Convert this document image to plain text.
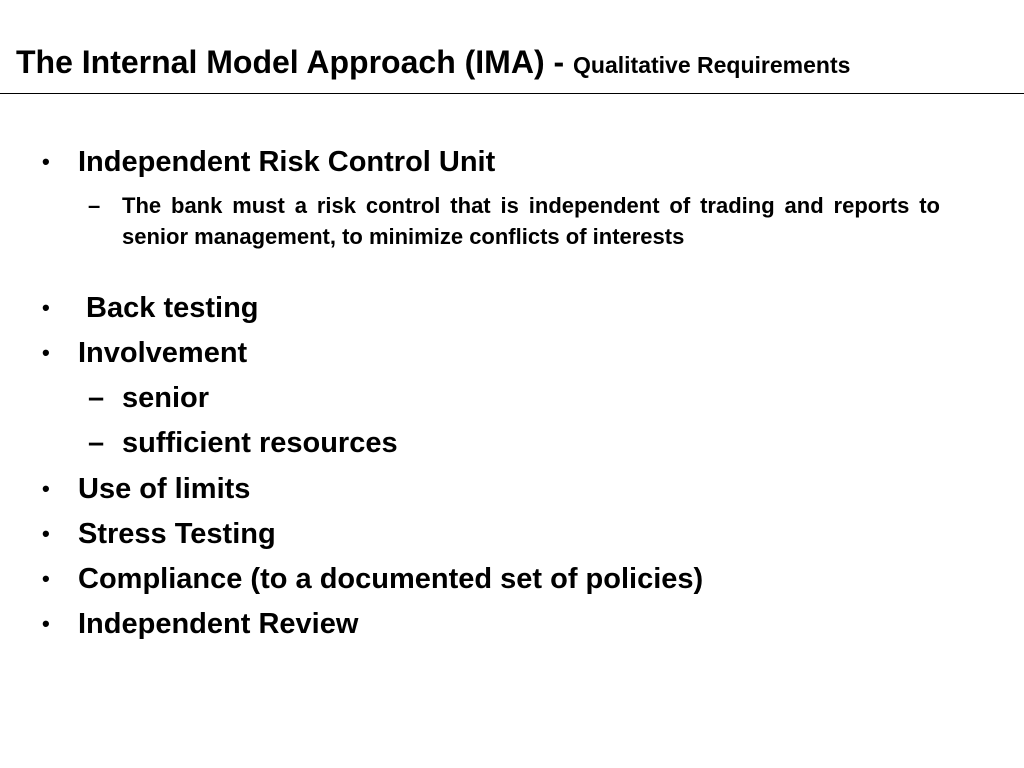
The Internal Model Approach (IMA) - Qualitative Requirements
• Independent Risk Control Unit
– The bank must a risk control that is independent of trading and reports to senior management, to minimize conflicts of interests
• Back testing
• Involvement
– senior
– sufficient resources
• Use of limits
• Stress Testing
• Compliance (to a documented set of policies)
• Independent Review
